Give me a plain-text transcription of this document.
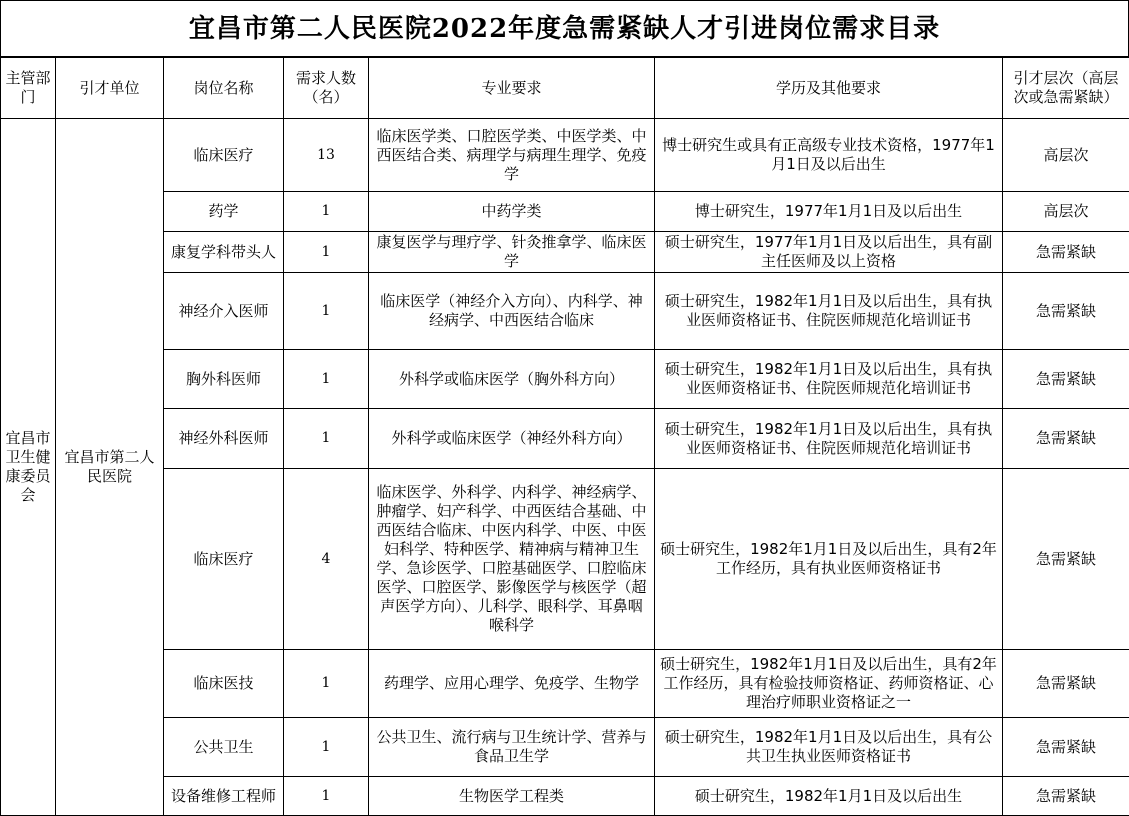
宜昌市第二人民医院2022年度急需紧缺人才引进岗位需求目录
主管部门	引才单位	岗位名称	需求人数（名）	专业要求	学历及其他要求	引才层次（高层次或急需紧缺）
宜昌市卫生健康委员会	宜昌市第二人民医院	临床医疗	13	临床医学类、口腔医学类、中医学类、中西医结合类、病理学与病理生理学、免疫学	博士研究生或具有正高级专业技术资格，1977年1月1日及以后出生	高层次
		药学	1	中药学类	博士研究生，1977年1月1日及以后出生	高层次
		康复学科带头人	1	康复医学与理疗学、针灸推拿学、临床医学	硕士研究生，1977年1月1日及以后出生，具有副主任医师及以上资格	急需紧缺
		神经介入医师	1	临床医学（神经介入方向）、内科学、神经病学、中西医结合临床	硕士研究生，1982年1月1日及以后出生，具有执业医师资格证书、住院医师规范化培训证书	急需紧缺
		胸外科医师	1	外科学或临床医学（胸外科方向）	硕士研究生，1982年1月1日及以后出生，具有执业医师资格证书、住院医师规范化培训证书	急需紧缺
		神经外科医师	1	外科学或临床医学（神经外科方向）	硕士研究生，1982年1月1日及以后出生，具有执业医师资格证书、住院医师规范化培训证书	急需紧缺
		临床医疗	4	临床医学、外科学、内科学、神经病学、肿瘤学、妇产科学、中西医结合基础、中西医结合临床、中医内科学、中医、中医妇科学、特种医学、精神病与精神卫生学、急诊医学、口腔基础医学、口腔临床医学、口腔医学、影像医学与核医学（超声医学方向）、儿科学、眼科学、耳鼻咽喉科学	硕士研究生，1982年1月1日及以后出生，具有2年工作经历，具有执业医师资格证书	急需紧缺
		临床医技	1	药理学、应用心理学、免疫学、生物学	硕士研究生，1982年1月1日及以后出生，具有2年工作经历，具有检验技师资格证、药师资格证、心理治疗师职业资格证之一	急需紧缺
		公共卫生	1	公共卫生、流行病与卫生统计学、营养与食品卫生学	硕士研究生，1982年1月1日及以后出生，具有公共卫生执业医师资格证书	急需紧缺
		设备维修工程师	1	生物医学工程类	硕士研究生，1982年1月1日及以后出生	急需紧缺
